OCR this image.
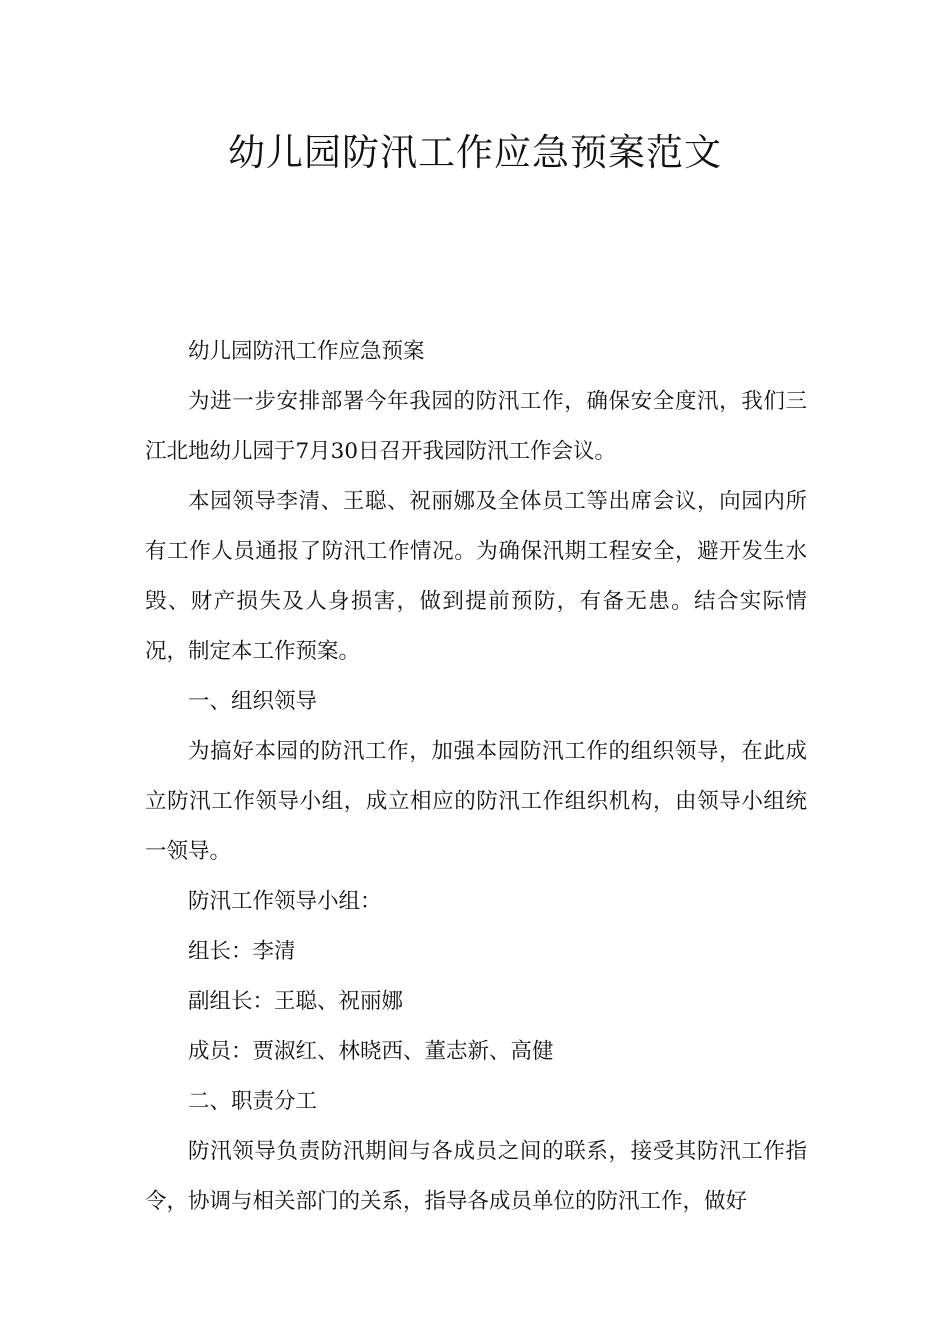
幼儿园防汛工作应急预案范文

幼儿园防汛工作应急预案

为进一步安排部署今年我园的防汛工作，确保安全度汛，我们三江北地幼儿园于7月30日召开我园防汛工作会议。

本园领导李清、王聪、祝丽娜及全体员工等出席会议，向园内所有工作人员通报了防汛工作情况。为确保汛期工程安全，避开发生水毁、财产损失及人身损害，做到提前预防，有备无患。结合实际情况，制定本工作预案。

一、组织领导

为搞好本园的防汛工作，加强本园防汛工作的组织领导，在此成立防汛工作领导小组，成立相应的防汛工作组织机构，由领导小组统一领导。

防汛工作领导小组：

组长：李清

副组长：王聪、祝丽娜

成员：贾淑红、林晓西、董志新、高健

二、职责分工

防汛领导负责防汛期间与各成员之间的联系，接受其防汛工作指令，协调与相关部门的关系，指导各成员单位的防汛工作，做好
